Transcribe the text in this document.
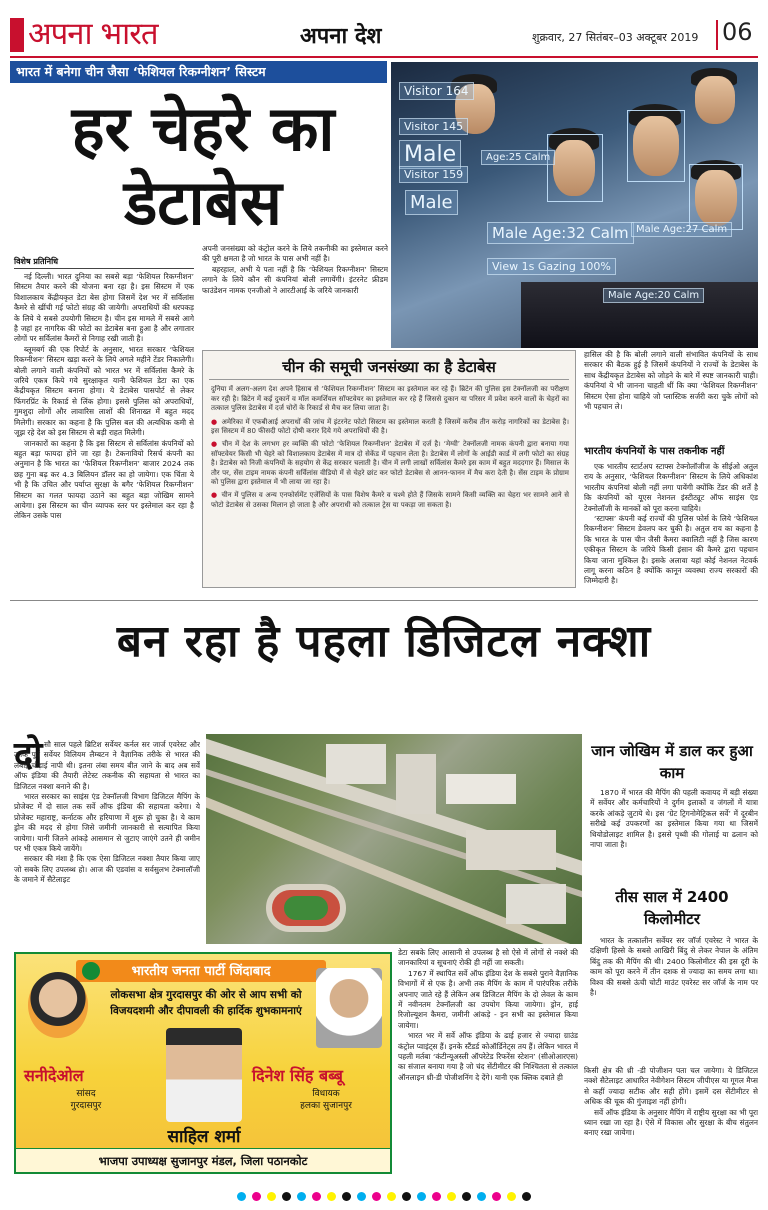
अपना भारत	अपना देश	शुक्रवार, 27 सितंबर–03 अक्टूबर 2019 06
भारत में बनेगा चीन जैसा ‘फेशियल रिकग्नीशन’ सिस्टम
हर चेहरे का
डेटाबेस
Visitor 164
Male
Visitor 145
Age:25 Calm
Visitor 159
Male
View 1s Gazing 100%
Male Age:32 Calm Male Age:27 Calm
Male Age:20 Calm
विशेष प्रतिनिधि

नई दिल्ली। भारत दुनिया का सबसे बड़ा ‘फेशियल रिकग्नीशन’ सिस्टम तैयार करने की योजना बना रहा है। इस सिस्टम में एक विशालकाय केंद्रीयकृत डेटा बेस होगा जिसमें देश भर में सर्विलांस कैमरे से खींची गई फोटो संग्रह की जायेगी। अपराधियों की धरपकड़ के लिये ये सबसे उपयोगी सिस्टम है। चीन इस मामले में सबसे आगे है जहां हर नागरिक की फोटो का डेटाबेस बना हुआ है और लगातार लोगों पर सर्विलांस कैमरों से निगाह रखी जाती है।

ब्लूमबर्ग की एक रिपोर्ट के अनुसार, भारत सरकार ‘फेशियल रिकग्नीशन’ सिस्टम खड़ा करने के लिये अगले महीने टेंडर निकालेगी। बोली लगाने वाली कंपनियों को भारत भर में सर्विलांस कैमरे के जरिये एकत्र किये गये सुरक्षाकृत यानी फेशियल डेटा का एक केंद्रीयकृत सिस्टम बनाना होगा। ये डेटाबेस पासपोर्ट से लेकर फिंगरप्रिंट के रिकार्ड से लिंक होगा। इससे पुलिस को अपराधियों, गुमशुदा लोगों और लावारिस लाशों की शिनाख्त में बहुत मदद मिलेगी। सरकार का कहना है कि पुलिस बल की अत्यधिक कमी से जूझ रहे देश को इस सिस्टम से बड़ी राहत मिलेगी।

जानकारों का कहना है कि इस सिस्टम से सर्विलांस कंपनियों को बहुत बड़ा फायदा होने जा रहा है। टेकनावियो रिसर्च कंपनी का अनुमान है कि भारत का ‘फेशियल रिकग्नीशन’ बाजार 2024 तक छह गुना बढ़ कर 4.3 बिलियन डॉलर का हो जायेगा। एक चिंता ये भी है कि उचित और पर्याप्त सुरक्षा के बगैर ‘फेशियल रिकग्नीशन’ सिस्टम का गलत फायदा उठाने का बहुत बड़ा जोखिम सामने आयेगा। इस सिस्टम का चीन व्यापक स्तर पर इस्तेमाल कर रहा है लेकिन उसके पास

अपनी जनसंख्या को कंट्रोल करने के लिये तकनीकी का इस्तेमाल करने की पूरी क्षमता है जो भारत के पास अभी नहीं है।

बहरहाल, अभी ये पता नहीं है कि ‘फेशियल रिकग्नीशन’ सिस्टम लगाने के लिये कौन सी कंपनियां बोली लगायेंगी। इंटरनेट फ्रीडम फाउंडेशन नामक एनजीओ ने आरटीआई के जरिये जानकारी

चीन की समूची जनसंख्या का है डेटाबेस

दुनिया में अलग-अलग देश अपने हिसाब से ‘फेशियल रिकग्नीशन’ सिस्टम का इस्तेमाल कर रहे हैं। ब्रिटेन की पुलिस इस टेक्नॉलजी का परीक्षण कर रही है। ब्रिटेन में कई दुकानें व मॉल कमर्शियल सॉफ्टवेयर का इस्तेमाल कर रहे हैं जिससे दुकान या परिसर में प्रवेश करने वालों के चेहरों का तत्काल पुलिस डेटाबेस में दर्ज चोरों के रिकार्ड से मैच कर लिया जाता है।

● अमेरिका में एफबीआई अपराधों की जांच में इंटरनेट फोटो सिस्टम का इस्तेमाल करती है जिसमें करीब तीन करोड़ नागरिकों का डेटाबेस है। इस सिस्टम में 80 फीसदी फोटो दोषी करार दिये गये अपराधियों की है।

● चीन में देश के लगभग हर व्यक्ति की फोटो ‘फेशियल रिकग्नीशन’ डेटाबेस में दर्ज है। ‘मेग्वी’ टेक्नॉलजी नामक कंपनी द्वारा बनाया गया सॉफ्टवेयर किसी भी चेहरे को विशालकाय डेटाबेस में मात्र दो सेकेंड में पहचान लेता है। डेटाबेस में लोगों के आईडी कार्ड में लगी फोटो का संग्रह है। डेटाबेस को निजी कंपनियों के सहयोग से केंद्र सरकार चलाती है। चीन में लगी लाखों सर्विलांस कैमरे इस काम में बहुत मददगार हैं। मिसाल के तौर पर, सेंस टाइम नामक कंपनी सर्विलांस वीडियो में से चेहरे छांट कर फोटो डेटाबेस से आनन-फानन में मैच करा देती है। सेंस टाइम के प्रोग्राम को पुलिस द्वारा इस्तेमाल में भी लाया जा रहा है।

● चीन में पुलिस व अन्य एनफोर्समेंट एजेंसियों के पास विशेष कैमरे व चश्मे होते हैं जिसके सामने किसी व्यक्ति का चेहरा भर सामने आने से फोटो डेटाबेस से उसका मिलान हो जाता है और अपराधी को तत्काल ट्रेस या पकड़ा जा सकता है।

हासिल की है कि बोली लगाने वाली संभावित कंपनियों के साथ सरकार की बैठक हुई है जिसमें कंपनियों ने राज्यों के डेटाबेस के साथ केंद्रीयकृत डेटाबेस को जोड़ने के बारे में स्पष्ट जानकारी चाही। कंपनियां ये भी जानना चाहती थीं कि क्या ‘फेशियल रिकग्नीशन’ सिस्टम ऐसा होना चाहिये जो प्लास्टिक सर्जरी करा चुके लोगों को भी पहचान ले।

भारतीय कंपनियों के पास तकनीक नहीं

एक भारतीय स्टार्टअप स्टाफ्स टेक्नोलॉजीज के सीईओ अतुल राय के अनुसार, ‘फेशियल रिकग्नीशन’ सिस्टम के लिये अधिकांश भारतीय कंपनियां बोली नहीं लगा पायेंगी क्योंकि टेंडर की शर्तें है कि कंपनियों को यूएस नेशनल इंस्टीट्यूट ऑफ साइंस एंड टेक्नोलॉजी के मानकों को पूरा करना चाहिये।

‘स्टाफ्स’ कंपनी कई राज्यों की पुलिस फोर्स के लिये ‘फेशियल रिकग्नीशन’ सिस्टम डेवलप कर चुकी है। अतुल राय का कहना है कि भारत के पास चीन जैसी कैमरा क्वालिटी नहीं है जिस कारण एकीकृत सिस्टम के जरिये किसी इंसान की कैमरे द्वारा पहचान किया जाना मुश्किल है। इसके अलावा यहां कोई नेशनल नेटवर्क लागू करना कठिन है क्योंकि कानून व्यवस्था राज्य सरकारों की जिम्मेदारी है।

बन रहा है पहला डिजिटल नक्शा
दो सौ साल पहले ब्रिटिश सर्वेयर कर्नल सर जार्ज एवरेस्ट और उनके पूर्व सर्वेयर विलियम लैम्बटन ने वैज्ञानिक तरीके से भारत की लंबाई-चौड़ाई नापी थी। इतना लंबा समय बीत जाने के बाद अब सर्वे ऑफ इंडिया की तैयारी लेटेस्ट तकनीक की सहायता से भारत का डिजिटल नक्शा बनाने की है।

भारत सरकार का साइंस एंड टेक्नॉलजी विभाग डिजिटल मैपिंग के प्रोजेक्ट में दो साल तक सर्वे ऑफ इंडिया की सहायता करेगा। ये प्रोजेक्ट महाराष्ट्र, कर्नाटक और हरियाणा में शुरू हो चुका है। ये काम ड्रोन की मदद से होगा जिसे जमीनी जानकारी से सत्यापित किया जायेगा। यानी जितने आंकड़े आसमान से जुटाए जाएंगे उतने ही जमीन पर भी एकत्र किये जायेंगे।

सरकार की मंशा है कि एक ऐसा डिजिटल नक्शा तैयार किया जाए जो सबके लिए उपलब्ध हो। आज की एडवांस व सर्वसुलभ टेक्नालॉजी के जमाने में सैटेलाइट

जान जोखिम में डाल कर हुआ काम

1870 में भारत की मैपिंग की पहली कवायद में बड़ी संख्या में सर्वेयर और कर्मचारियों ने दुर्गम इलाकों व जंगलों में यात्रा करके आंकड़े जुटाये थे। इस ‘ग्रेट ट्रिगनोमेट्रिकल सर्वे’ में दूरबीन सरीखे कई उपकरणों का इस्तेमाल किया गया था जिसमें थियोडोलाइट शामिल है। इससे पृथ्वी की गोलाई या ढलान को नापा जाता है।

तीस साल में 2400 किलोमीटर

भारत के तत्कालीन सर्वेयर सर जॉर्ज एवरेस्ट ने भारत के दक्षिणी हिस्से के सबसे आखिरी बिंदु से लेकर नेपाल के अंतिम बिंदु तक की मैपिंग की थी। 2400 किलोमीटर की इस दूरी के काम को पूरा करने में तीन दशक से ज्यादा का समय लगा था। विश्व की सबसे ऊंची चोटी माउंट एवरेस्ट सर जॉर्ज के नाम पर है।

डेटा सबके लिए आसानी से उपलब्ध है सो ऐसे में लोगों से नक्शे की जानकारियां व सूचनाएं रोकी ही नहीं जा सकती।

1767 में स्थापित सर्वे ऑफ इंडिया देश के सबसे पुराने वैज्ञानिक विभागों में से एक है। अभी तक मैपिंग के काम में पारंपरिक तरीके अपनाए जाते रहे हैं लेकिन अब डिजिटल मैपिंग के दो लेवल के काम में नवीनतम टेक्नॉलजी का उपयोग किया जायेगा। ड्रोन, हाई रिजोल्यूशन कैमरा, जमीनी आंकड़े - इन सभी का इस्तेमाल किया जायेगा।

भारत भर में सर्वे ऑफ इंडिया के ढाई हजार से ज्यादा ग्राउंड कंट्रोल प्वाइंट्स हैं। इनके स्टैंडर्ड कोऑर्डिनेट्स तय हैं। लेकिन भारत में पहली मर्तबा ‘कंटीन्यूअस्ली ऑपरेटेड रिफरेंस स्टेशन’ (सीओआरएस) का संजाल बनाया गया है जो चंद सेंटीमीटर की निश्चितता से तत्काल ऑनलाइन थ्री-डी पोजीशनिंग दे देंगे। यानी एक क्लिक दबाते ही

किसी क्षेत्र की थ्री -डी पोजीशन पता चल जायेगा। ये डिजिटल नक्शे सैटेलाइट आधारित नेवीगेशन सिस्टम जीपीएस या गूगल मैप्स से कहीं ज्यादा सटीक और सही होंगे। इसमें दस सेंटीमीटर से अधिक की चूक की गुंजाइश नहीं होगी।

सर्वे ऑफ इंडिया के अनुसार मैपिंग में राष्ट्रीय सुरक्षा का भी पूरा ध्यान रखा जा रहा है। ऐसे में विकास और सुरक्षा के बीच संतुलन बनाए रखा जायेगा।

भारतीय जनता पार्टी जिंदाबाद
लोकसभा क्षेत्र गुरदासपुर की ओर से आप सभी को
विजयदशमी और दीपावली की हार्दिक शुभकामनाएं
सनीदेओल
सांसद
गुरदासपुर
दिनेश सिंह बब्बू
विधायक
हलका सुजानपुर
साहिल शर्मा
भाजपा उपाध्यक्ष सुजानपुर मंडल, जिला पठानकोट
